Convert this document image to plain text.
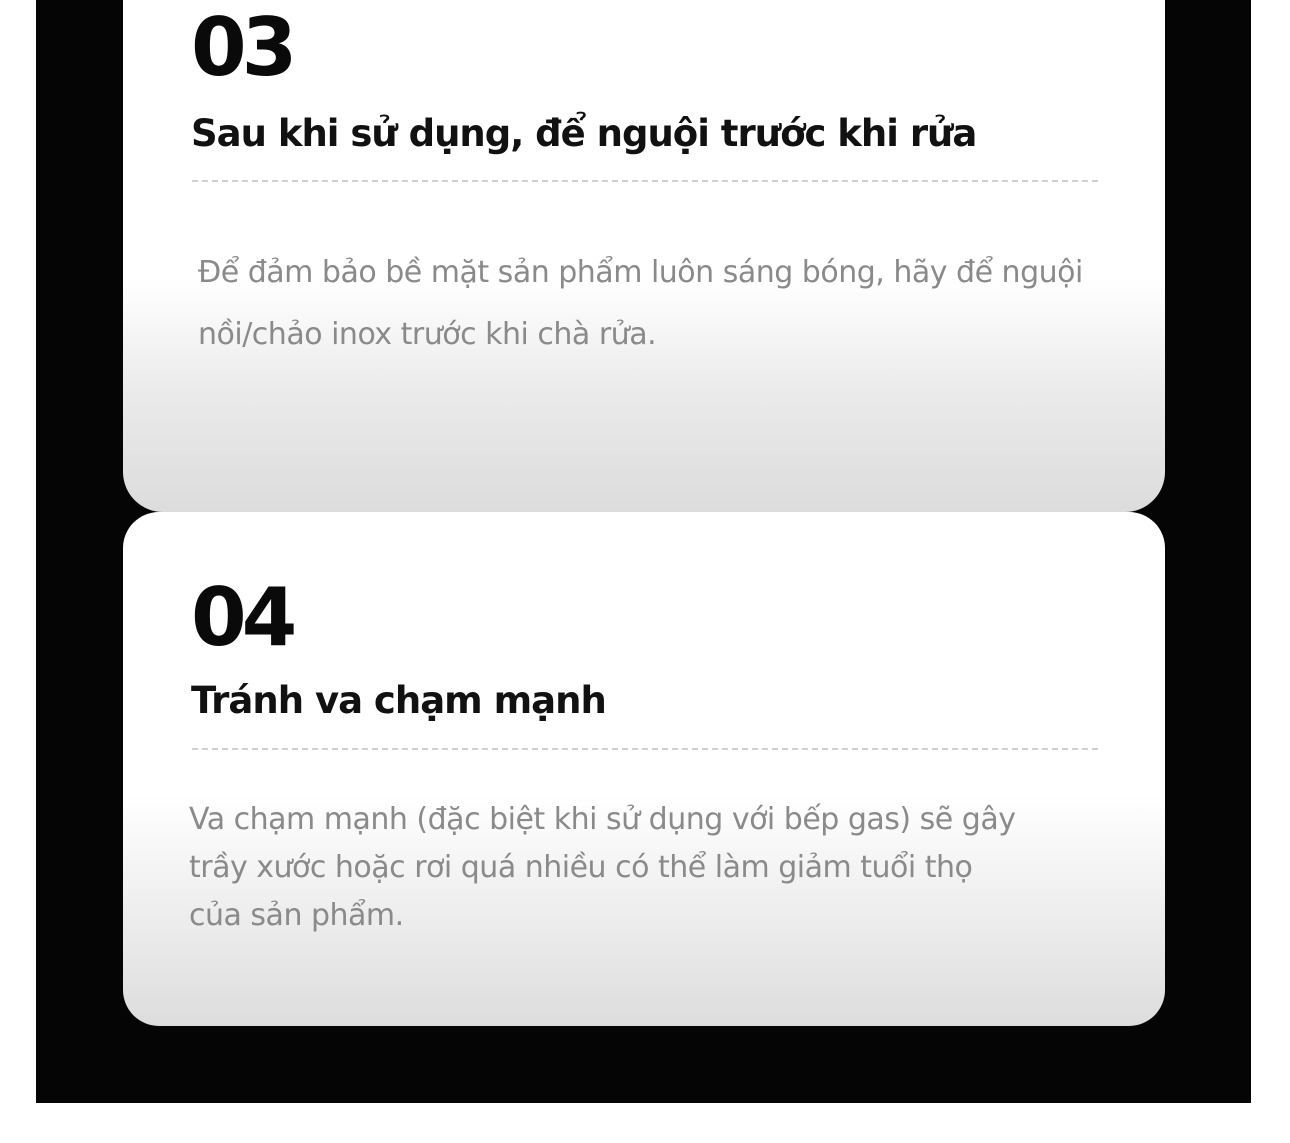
03
Sau khi sử dụng, để nguội trước khi rửa

Để đảm bảo bề mặt sản phẩm luôn sáng bóng, hãy để nguội nồi/chảo inox trước khi chà rửa.

04
Tránh va chạm mạnh

Va chạm mạnh (đặc biệt khi sử dụng với bếp gas) sẽ gây trầy xước hoặc rơi quá nhiều có thể làm giảm tuổi thọ của sản phẩm.
